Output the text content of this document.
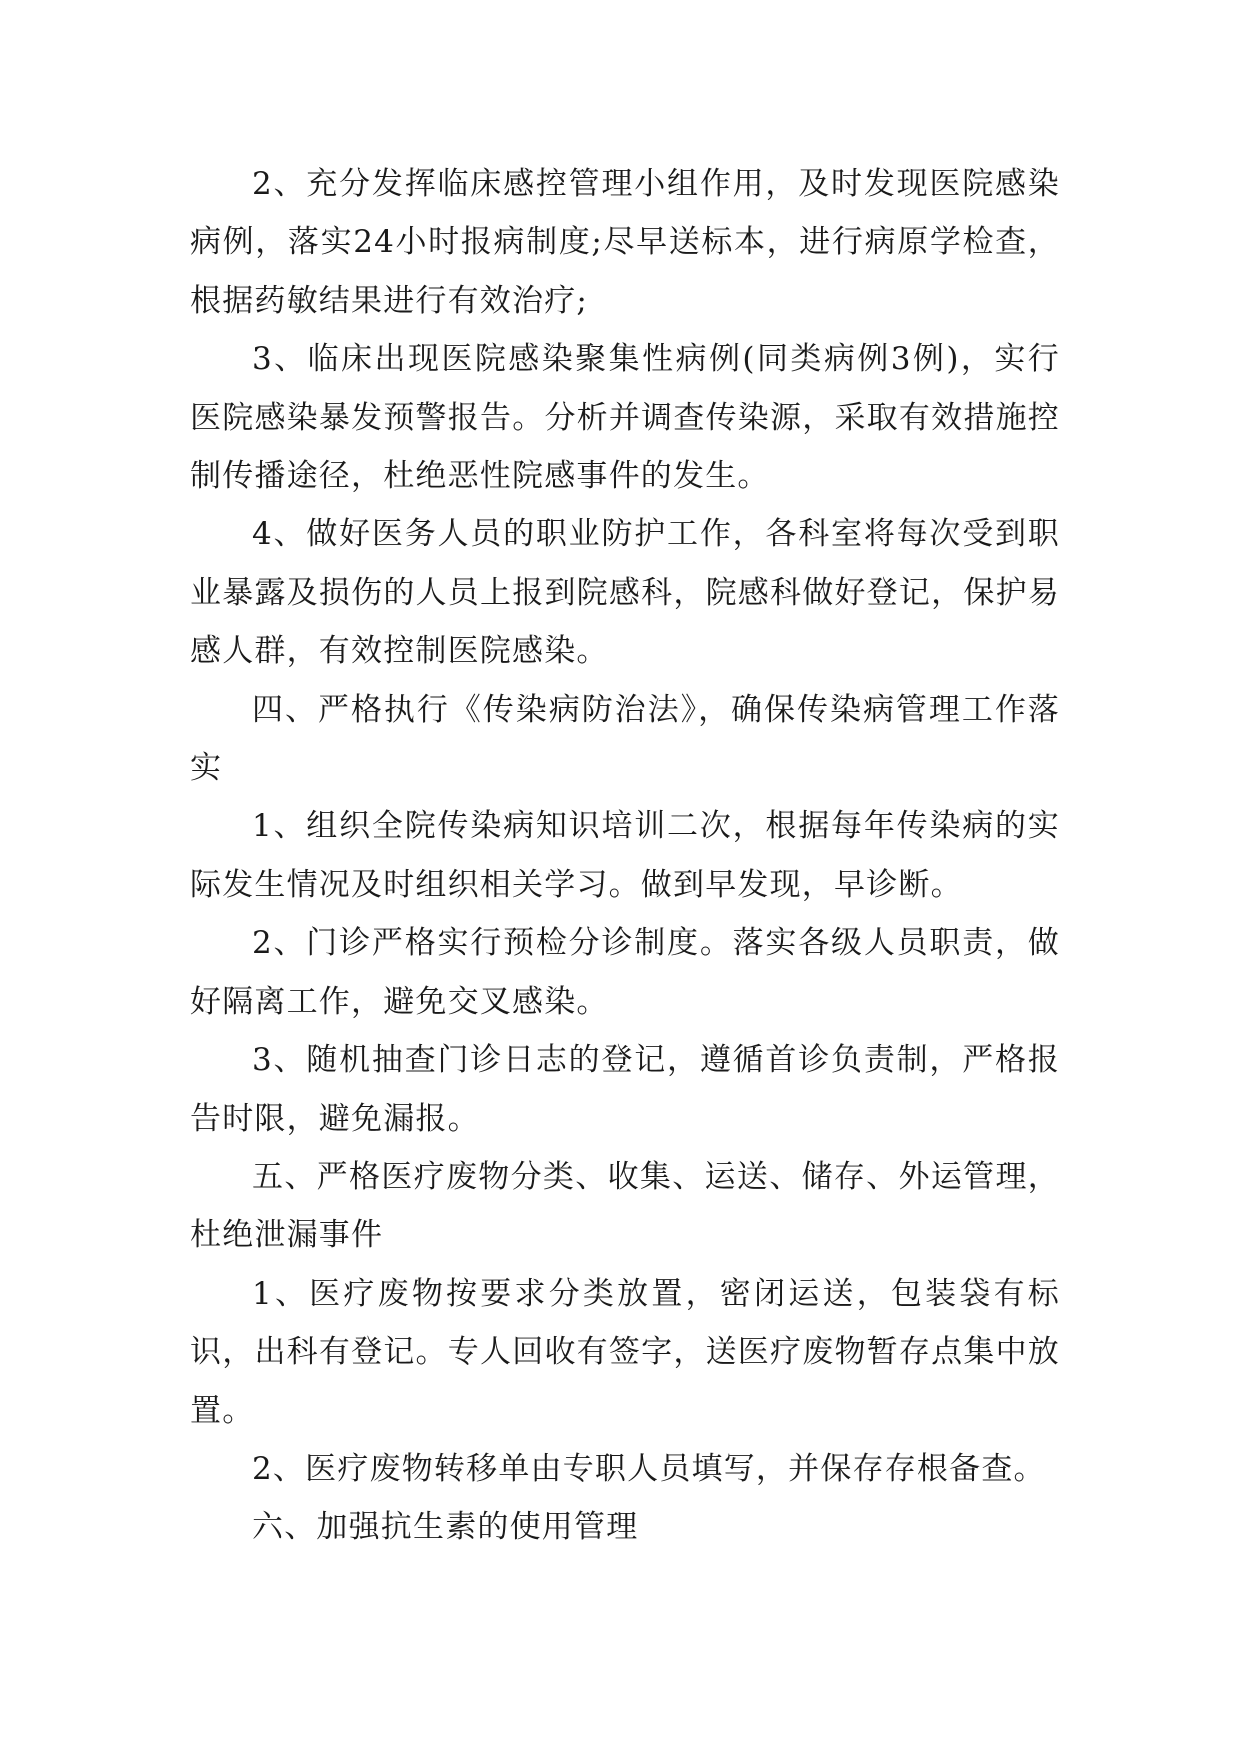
2、充分发挥临床感控管理小组作用，及时发现医院感染病例，落实24小时报病制度;尽早送标本，进行病原学检查，根据药敏结果进行有效治疗;

3、临床出现医院感染聚集性病例(同类病例3例)，实行医院感染暴发预警报告。分析并调查传染源，采取有效措施控制传播途径，杜绝恶性院感事件的发生。

4、做好医务人员的职业防护工作，各科室将每次受到职业暴露及损伤的人员上报到院感科，院感科做好登记，保护易感人群，有效控制医院感染。

四、严格执行《传染病防治法》，确保传染病管理工作落实

1、组织全院传染病知识培训二次，根据每年传染病的实际发生情况及时组织相关学习。做到早发现，早诊断。

2、门诊严格实行预检分诊制度。落实各级人员职责，做好隔离工作，避免交叉感染。

3、随机抽查门诊日志的登记，遵循首诊负责制，严格报告时限，避免漏报。

五、严格医疗废物分类、收集、运送、储存、外运管理，杜绝泄漏事件

1、医疗废物按要求分类放置，密闭运送，包装袋有标识，出科有登记。专人回收有签字，送医疗废物暂存点集中放置。

2、医疗废物转移单由专职人员填写，并保存存根备查。

六、加强抗生素的使用管理
